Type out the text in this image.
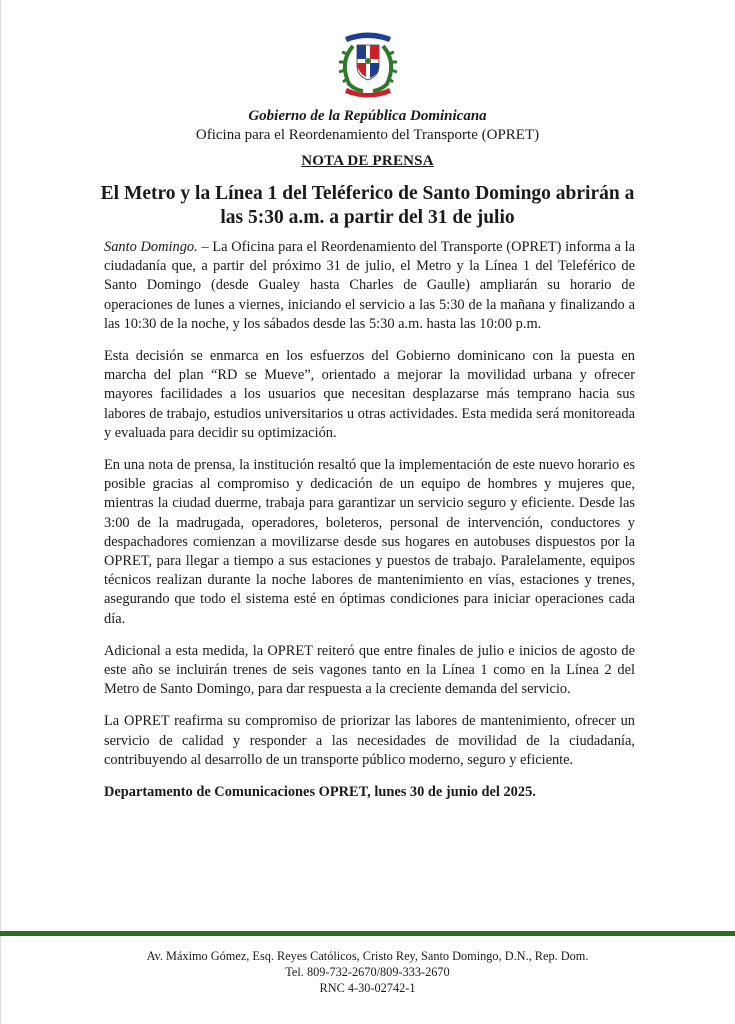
Gobierno de la República Dominicana
Oficina para el Reordenamiento del Transporte (OPRET)
NOTA DE PRENSA
El Metro y la Línea 1 del Teléferico de Santo Domingo abrirán a
las 5:30 a.m. a partir del 31 de julio

Santo Domingo. – La Oficina para el Reordenamiento del Transporte (OPRET) informa a la ciudadanía que, a partir del próximo 31 de julio, el Metro y la Línea 1 del Teleférico de Santo Domingo (desde Gualey hasta Charles de Gaulle) ampliarán su horario de operaciones de lunes a viernes, iniciando el servicio a las 5:30 de la mañana y finalizando a las 10:30 de la noche, y los sábados desde las 5:30 a.m. hasta las 10:00 p.m.

Esta decisión se enmarca en los esfuerzos del Gobierno dominicano con la puesta en marcha del plan “RD se Mueve”, orientado a mejorar la movilidad urbana y ofrecer mayores facilidades a los usuarios que necesitan desplazarse más temprano hacia sus labores de trabajo, estudios universitarios u otras actividades. Esta medida será monitoreada y evaluada para decidir su optimización.

En una nota de prensa, la institución resaltó que la implementación de este nuevo horario es posible gracias al compromiso y dedicación de un equipo de hombres y mujeres que, mientras la ciudad duerme, trabaja para garantizar un servicio seguro y eficiente. Desde las 3:00 de la madrugada, operadores, boleteros, personal de intervención, conductores y despachadores comienzan a movilizarse desde sus hogares en autobuses dispuestos por la OPRET, para llegar a tiempo a sus estaciones y puestos de trabajo. Paralelamente, equipos técnicos realizan durante la noche labores de mantenimiento en vías, estaciones y trenes, asegurando que todo el sistema esté en óptimas condiciones para iniciar operaciones cada día.

Adicional a esta medida, la OPRET reiteró que entre finales de julio e inicios de agosto de este año se incluirán trenes de seis vagones tanto en la Línea 1 como en la Línea 2 del Metro de Santo Domingo, para dar respuesta a la creciente demanda del servicio.

La OPRET reafirma su compromiso de priorizar las labores de mantenimiento, ofrecer un servicio de calidad y responder a las necesidades de movilidad de la ciudadanía, contribuyendo al desarrollo de un transporte público moderno, seguro y eficiente.

Departamento de Comunicaciones OPRET, lunes 30 de junio del 2025.

Av. Máximo Gómez, Esq. Reyes Católicos, Cristo Rey, Santo Domingo, D.N., Rep. Dom.
Tel. 809-732-2670/809-333-2670
RNC 4-30-02742-1
